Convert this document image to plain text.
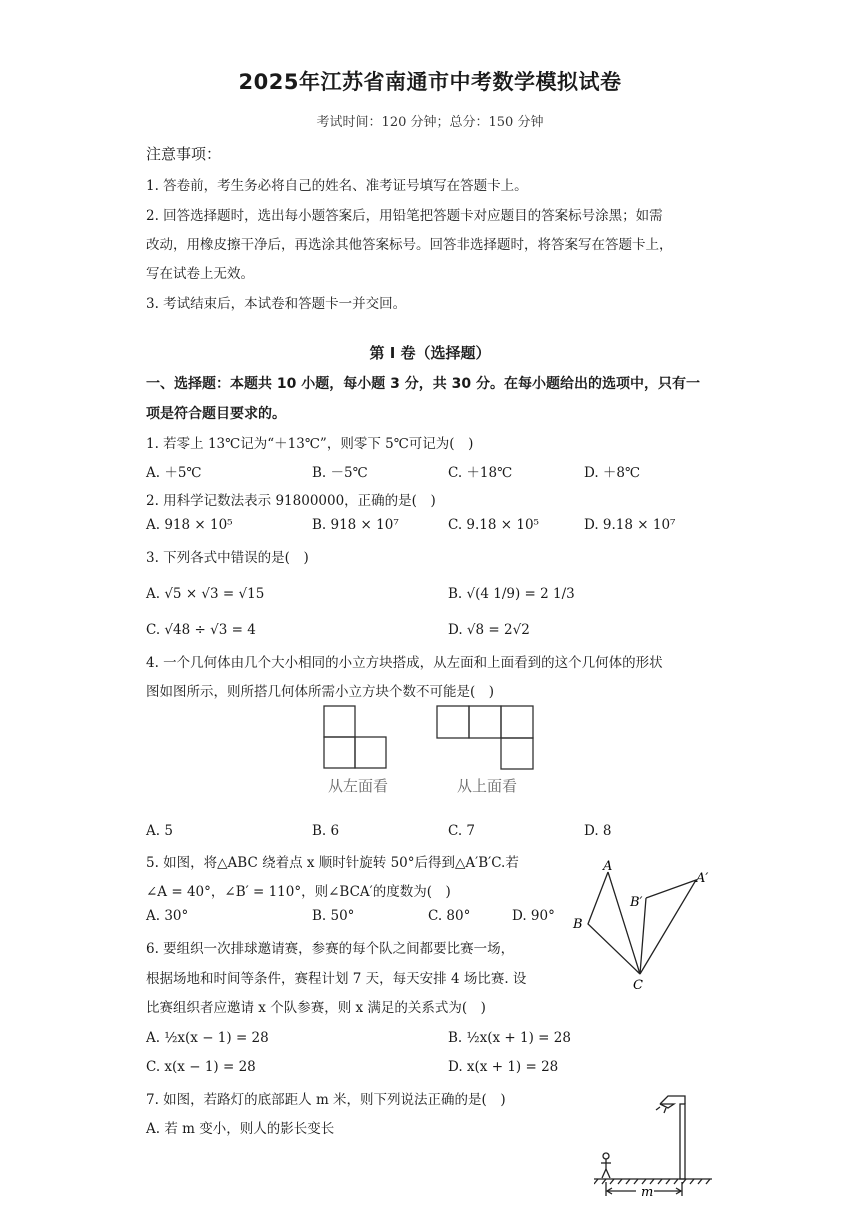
2025年江苏省南通市中考数学模拟试卷
考试时间：120 分钟；总分：150 分钟
注意事项：
1. 答卷前，考生务必将自己的姓名、准考证号填写在答题卡上。
2. 回答选择题时，选出每小题答案后，用铅笔把答题卡对应题目的答案标号涂黑；如需
改动，用橡皮擦干净后，再选涂其他答案标号。回答非选择题时，将答案写在答题卡上，
写在试卷上无效。
3. 考试结束后，本试卷和答题卡一并交回。
第 I 卷（选择题）
一、选择题：本题共 10 小题，每小题 3 分，共 30 分。在每小题给出的选项中，只有一
项是符合题目要求的。
1. 若零上 13℃记为“＋13℃”，则零下 5℃可记为(　)
A. ＋5℃	B. －5℃	C. ＋18℃	D. ＋8℃
2. 用科学记数法表示 91800000，正确的是(　)
A. 918 × 10⁵	B. 918 × 10⁷	C. 9.18 × 10⁵	D. 9.18 × 10⁷
3. 下列各式中错误的是(　)
A. √5 × √3 = √15	B. √(4 1/9) = 2 1/3
C. √48 ÷ √3 = 4	D. √8 = 2√2
4. 一个几何体由几个大小相同的小立方块搭成，从左面和上面看到的这个几何体的形状
图如图所示，则所搭几何体所需小立方块个数不可能是(　)
从左面看	从上面看
A. 5	B. 6	C. 7	D. 8
5. 如图，将△ABC 绕着点 x 顺时针旋转 50°后得到△A′B′C.若
∠A = 40°，∠B′ = 110°，则∠BCA′的度数为(　)
A. 30°	B. 50°	C. 80°	D. 90°
A
A′
B′
B
C
6. 要组织一次排球邀请赛，参赛的每个队之间都要比赛一场，
根据场地和时间等条件，赛程计划 7 天，每天安排 4 场比赛. 设
比赛组织者应邀请 x 个队参赛，则 x 满足的关系式为(　)
A. ½x(x − 1) = 28	B. ½x(x + 1) = 28
C. x(x − 1) = 28	D. x(x + 1) = 28
7. 如图，若路灯的底部距人 m 米，则下列说法正确的是(　)
A. 若 m 变小，则人的影长变长
m
